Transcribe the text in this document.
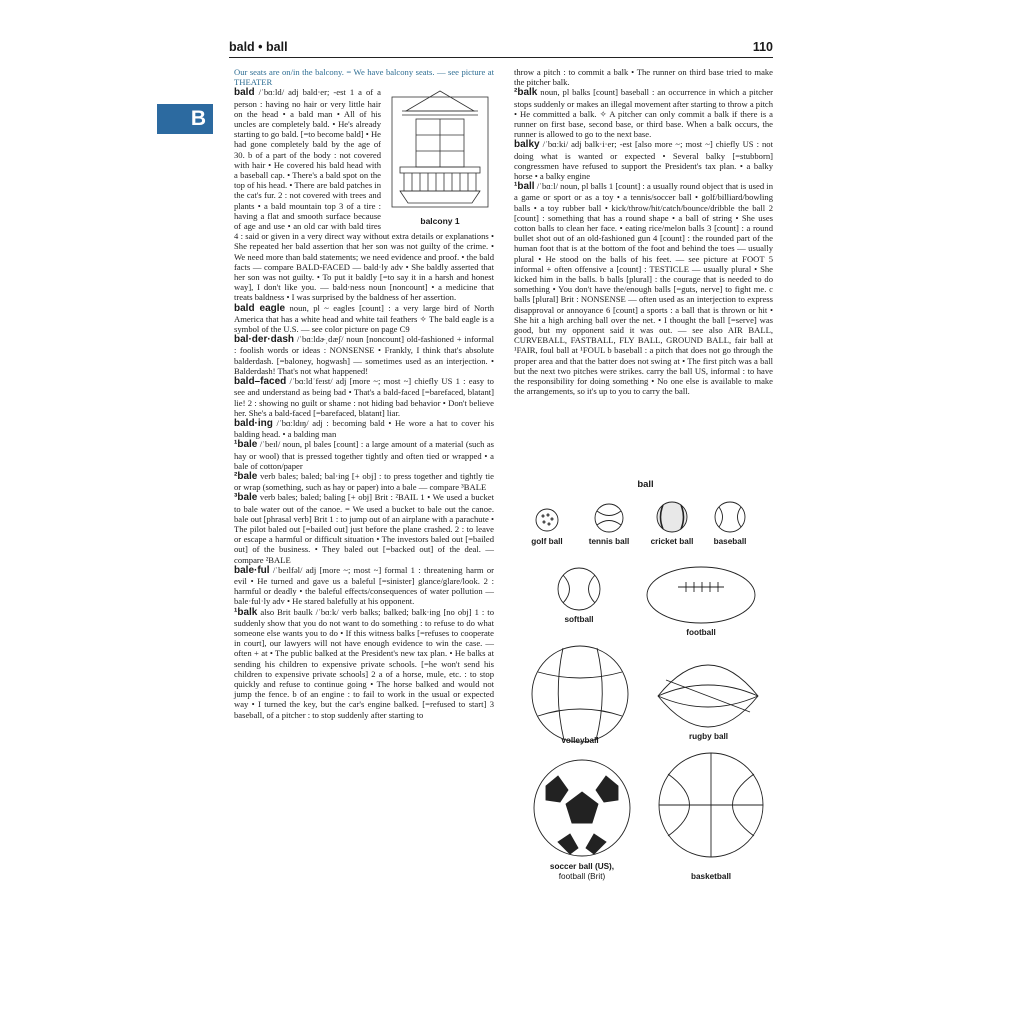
bald • ball	110
B
Our seats are on/in the balcony. = We have balcony seats. — see picture at THEATER
balcony 1
bald /ˈbɑːld/ adj bald·er; -est 1 a of a person : having no hair or very little hair on the head • a bald man • All of his uncles are completely bald. • He's already starting to go bald. [=to become bald] • He had gone completely bald by the age of 30. b of a part of the body : not covered with hair • He covered his bald head with a baseball cap. • There's a bald spot on the top of his head. • There are bald patches in the cat's fur. 2 : not covered with trees and plants • a bald mountain top 3 of a tire : having a flat and smooth surface because of age and use • an old car with bald tires 4 : said or given in a very direct way without extra details or explanations • She repeated her bald assertion that her son was not guilty of the crime. • We need more than bald statements; we need evidence and proof. • the bald facts — compare BALD-FACED — bald·ly adv • She baldly asserted that her son was not guilty. • To put it baldly [=to say it in a harsh and honest way], I don't like you. — bald·ness noun [noncount] • a medicine that treats baldness • I was surprised by the baldness of her assertion.
bald eagle noun, pl ~ eagles [count] : a very large bird of North America that has a white head and white tail feathers ✧ The bald eagle is a symbol of the U.S. — see color picture on page C9
bal·der·dash /ˈbɑːldɚˌdæʃ/ noun [noncount] old-fashioned + informal : foolish words or ideas : NONSENSE • Frankly, I think that's absolute balderdash. [=baloney, hogwash] — sometimes used as an interjection. • Balderdash! That's not what happened!
bald–faced /ˈbɑːldˈfeɪst/ adj [more ~; most ~] chiefly US 1 : easy to see and understand as being bad • That's a bald-faced [=barefaced, blatant] lie! 2 : showing no guilt or shame : not hiding bad behavior • Don't believe her. She's a bald-faced [=barefaced, blatant] liar.
bald·ing /ˈbɑːldɪŋ/ adj : becoming bald • He wore a hat to cover his balding head. • a balding man
¹bale /ˈbeɪl/ noun, pl bales [count] : a large amount of a material (such as hay or wool) that is pressed together tightly and often tied or wrapped • a bale of cotton/paper
²bale verb bales; baled; bal·ing [+ obj] : to press together and tightly tie or wrap (something, such as hay or paper) into a bale — compare ³BALE
³bale verb bales; baled; baling [+ obj] Brit : ²BAIL 1 • We used a bucket to bale water out of the canoe. = We used a bucket to bale out the canoe. bale out [phrasal verb] Brit 1 : to jump out of an airplane with a parachute • The pilot baled out [=bailed out] just before the plane crashed. 2 : to leave or escape a harmful or difficult situation • The investors baled out [=bailed out] of the business. • They baled out [=backed out] of the deal. — compare ²BALE
bale·ful /ˈbeɪlfəl/ adj [more ~; most ~] formal 1 : threatening harm or evil • He turned and gave us a baleful [=sinister] glance/glare/look. 2 : harmful or deadly • the baleful effects/consequences of water pollution — bale·ful·ly adv • He stared balefully at his opponent.
¹balk also Brit baulk /ˈbɑːk/ verb balks; balked; balk·ing [no obj] 1 : to suddenly show that you do not want to do something : to refuse to do what someone else wants you to do • If this witness balks [=refuses to cooperate in court], our lawyers will not have enough evidence to win the case. — often + at • The public balked at the President's new tax plan. • He balks at sending his children to expensive private schools. [=he won't send his children to expensive private schools] 2 a of a horse, mule, etc. : to stop quickly and refuse to continue going • The horse balked and would not jump the fence. b of an engine : to fail to work in the usual or expected way • I turned the key, but the car's engine balked. [=refused to start] 3 baseball, of a pitcher : to stop suddenly after starting to
throw a pitch : to commit a balk • The runner on third base tried to make the pitcher balk.
²balk noun, pl balks [count] baseball : an occurrence in which a pitcher stops suddenly or makes an illegal movement after starting to throw a pitch • He committed a balk. ✧ A pitcher can only commit a balk if there is a runner on first base, second base, or third base. When a balk occurs, the runner is allowed to go to the next base.
balky /ˈbɑːki/ adj balk·i·er; -est [also more ~; most ~] chiefly US : not doing what is wanted or expected • Several balky [=stubborn] congressmen have refused to support the President's tax plan. • a balky horse • a balky engine
¹ball /ˈbɑːl/ noun, pl balls 1 [count] : a usually round object that is used in a game or sport or as a toy • a tennis/soccer ball • golf/billiard/bowling balls • a toy rubber ball • kick/throw/hit/catch/bounce/dribble the ball 2 [count] : something that has a round shape • a ball of string • She uses cotton balls to clean her face. • eating rice/melon balls 3 [count] : a round bullet shot out of an old-fashioned gun 4 [count] : the rounded part of the human foot that is at the bottom of the foot and behind the toes — usually plural • He stood on the balls of his feet. — see picture at FOOT 5 informal + often offensive a [count] : TESTICLE — usually plural • She kicked him in the balls. b balls [plural] : the courage that is needed to do something • You don't have the/enough balls [=guts, nerve] to fight me. c balls [plural] Brit : NONSENSE — often used as an interjection to express disapproval or annoyance 6 [count] a sports : a ball that is thrown or hit • She hit a high arching ball over the net. • I thought the ball [=serve] was good, but my opponent said it was out. — see also AIR BALL, CURVEBALL, FASTBALL, FLY BALL, GROUND BALL, fair ball at ¹FAIR, foul ball at ¹FOUL b baseball : a pitch that does not go through the proper area and that the batter does not swing at • The first pitch was a ball but the next two pitches were strikes. carry the ball US, informal : to have the responsibility for doing something • No one else is available to make the arrangements, so it's up to you to carry the ball.
ball
golf ball	tennis ball	cricket ball	baseball
softball
football
volleyball	rugby ball
soccer ball (US),
football (Brit)	basketball
